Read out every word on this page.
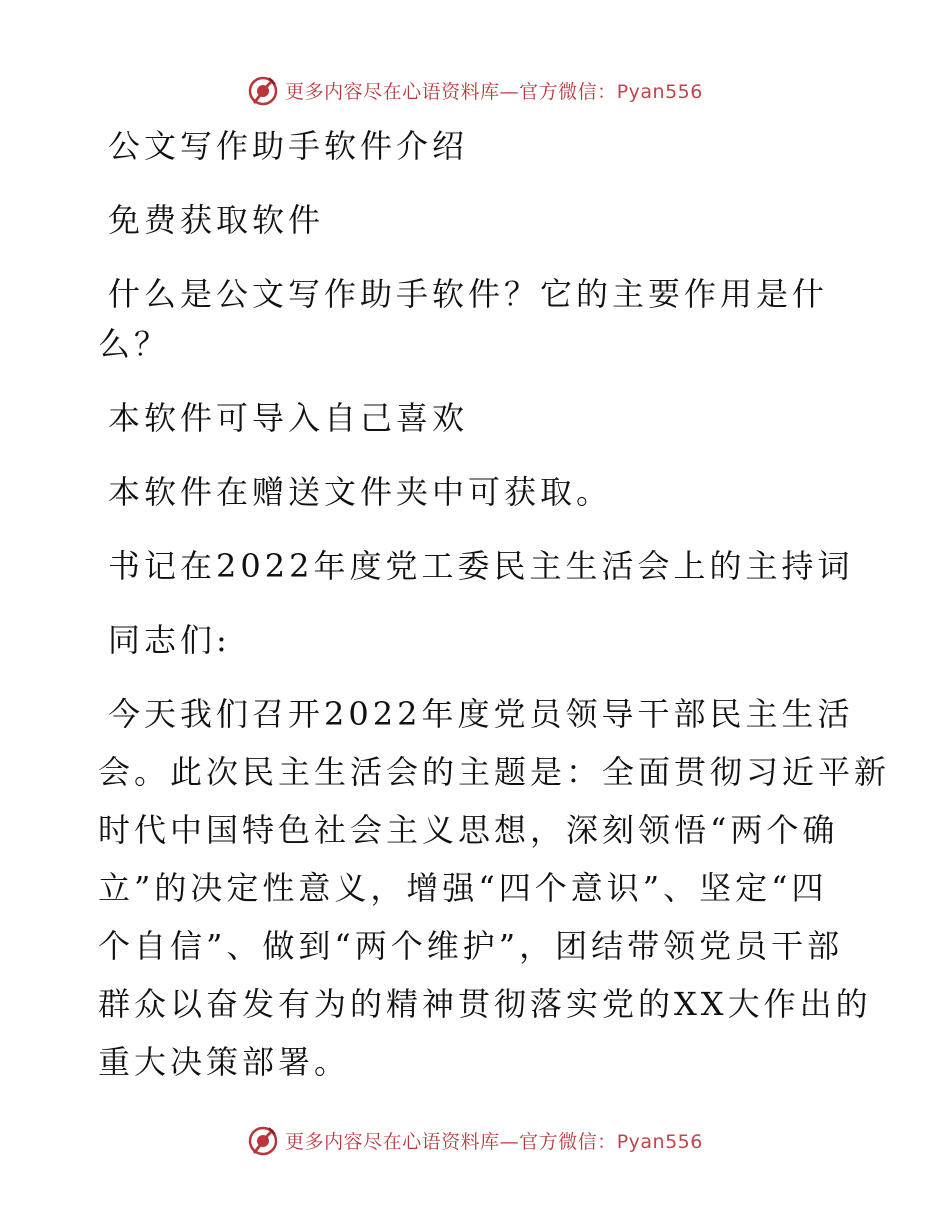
更多内容尽在心语资料库—官方微信：Pyan556

公文写作助手软件介绍

免费获取软件

什么是公文写作助手软件？它的主要作用是什

么？

本软件可导入自己喜欢

本软件在赠送文件夹中可获取。

书记在2022年度党工委民主生活会上的主持词

同志们:

今天我们召开2022年度党员领导干部民主生活
会。此次民主生活会的主题是：全面贯彻习近平新
时代中国特色社会主义思想，深刻领悟“两个确
立”的决定性意义，增强“四个意识”、坚定“四
个自信”、做到“两个维护”，团结带领党员干部
群众以奋发有为的精神贯彻落实党的XX大作出的
重大决策部署。
更多内容尽在心语资料库—官方微信：Pyan556
